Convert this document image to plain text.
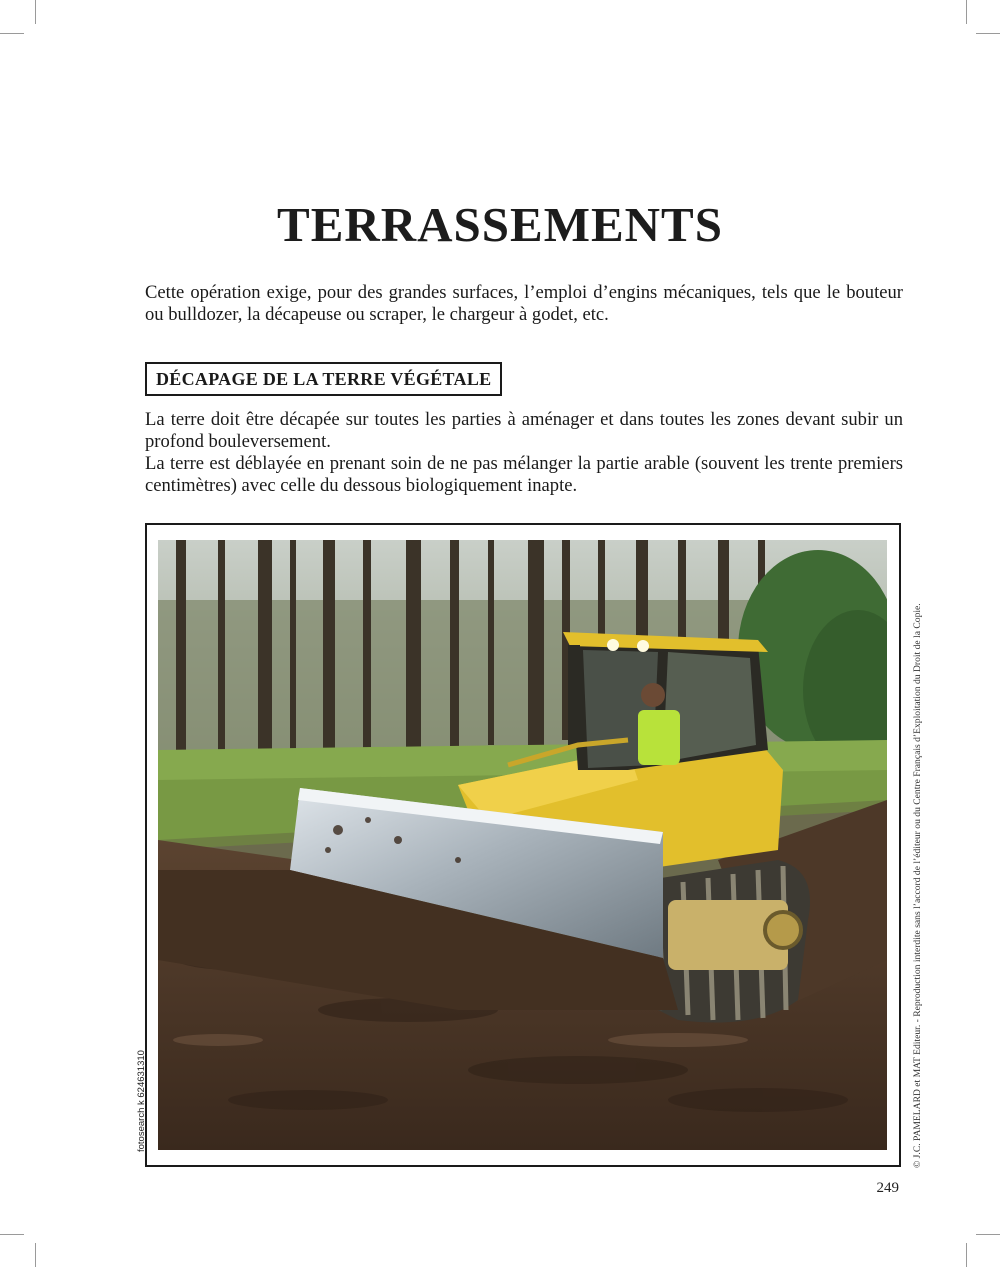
TERRASSEMENTS

Cette opération exige, pour des grandes surfaces, l’emploi d’engins mécaniques, tels que le bouteur ou bulldozer, la décapeuse ou scraper, le chargeur à godet, etc.

DÉCAPAGE DE LA TERRE VÉGÉTALE

La terre doit être décapée sur toutes les parties à aménager et dans toutes les zones devant subir un profond bouleversement.

La terre est déblayée en prenant soin de ne pas mélanger la partie arable (souvent les trente premiers centimètres) avec celle du dessous biologiquement inapte.

fotosearch k 624631310	© J.C. PAMELARD et MAT Editeur. - Reproduction interdite sans l’accord de l’éditeur ou du Centre Français d’Exploitation du Droit de la Copie.
249
